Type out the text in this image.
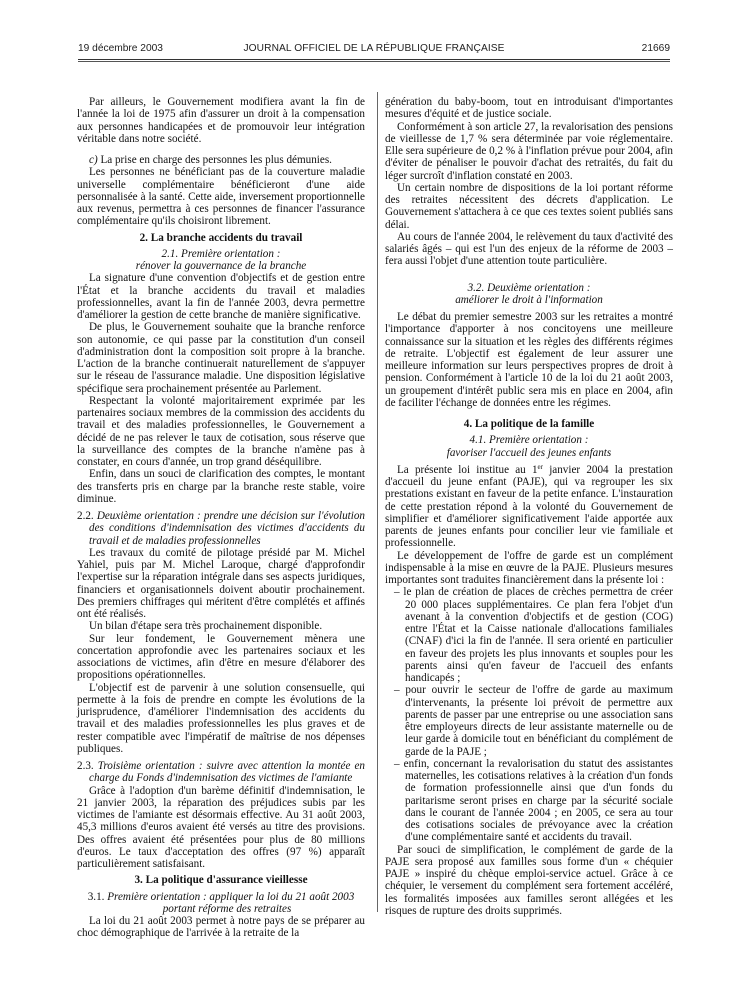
19 décembre 2003	JOURNAL OFFICIEL DE LA RÉPUBLIQUE FRANÇAISE	21669

Par ailleurs, le Gouvernement modifiera avant la fin de l'année la loi de 1975 afin d'assurer un droit à la compensation aux personnes handicapées et de promouvoir leur intégration véritable dans notre société.

c) La prise en charge des personnes les plus démunies.

Les personnes ne bénéficiant pas de la couverture maladie universelle complémentaire bénéficieront d'une aide personnalisée à la santé. Cette aide, inversement proportionnelle aux revenus, permettra à ces personnes de financer l'assurance complémentaire qu'ils choisiront librement.

2. La branche accidents du travail
2.1. Première orientation :
rénover la gouvernance de la branche

La signature d'une convention d'objectifs et de gestion entre l'État et la branche accidents du travail et maladies professionnelles, avant la fin de l'année 2003, devra permettre d'améliorer la gestion de cette branche de manière significative.

De plus, le Gouvernement souhaite que la branche renforce son autonomie, ce qui passe par la constitution d'un conseil d'administration dont la composition soit propre à la branche. L'action de la branche continuerait naturellement de s'appuyer sur le réseau de l'assurance maladie. Une disposition législative spécifique sera prochainement présentée au Parlement.

Respectant la volonté majoritairement exprimée par les partenaires sociaux membres de la commission des accidents du travail et des maladies professionnelles, le Gouvernement a décidé de ne pas relever le taux de cotisation, sous réserve que la surveillance des comptes de la branche n'amène pas à constater, en cours d'année, un trop grand déséquilibre.

Enfin, dans un souci de clarification des comptes, le montant des transferts pris en charge par la branche reste stable, voire diminue.

2.2. Deuxième orientation : prendre une décision sur l'évolution des conditions d'indemnisation des victimes d'accidents du travail et de maladies professionnelles

Les travaux du comité de pilotage présidé par M. Michel Yahiel, puis par M. Michel Laroque, chargé d'approfondir l'expertise sur la réparation intégrale dans ses aspects juridiques, financiers et organisationnels doivent aboutir prochainement. Des premiers chiffrages qui méritent d'être complétés et affinés ont été réalisés.

Un bilan d'étape sera très prochainement disponible.

Sur leur fondement, le Gouvernement mènera une concertation approfondie avec les partenaires sociaux et les associations de victimes, afin d'être en mesure d'élaborer des propositions opérationnelles.

L'objectif est de parvenir à une solution consensuelle, qui permette à la fois de prendre en compte les évolutions de la jurisprudence, d'améliorer l'indemnisation des accidents du travail et des maladies professionnelles les plus graves et de rester compatible avec l'impératif de maîtrise de nos dépenses publiques.

2.3. Troisième orientation : suivre avec attention la montée en charge du Fonds d'indemnisation des victimes de l'amiante

Grâce à l'adoption d'un barème définitif d'indemnisation, le 21 janvier 2003, la réparation des préjudices subis par les victimes de l'amiante est désormais effective. Au 31 août 2003, 45,3 millions d'euros avaient été versés au titre des provisions. Des offres avaient été présentées pour plus de 80 millions d'euros. Le taux d'acceptation des offres (97 %) apparaît particulièrement satisfaisant.

3. La politique d'assurance vieillesse

3.1. Première orientation : appliquer la loi du 21 août 2003 portant réforme des retraites

La loi du 21 août 2003 permet à notre pays de se préparer au choc démographique de l'arrivée à la retraite de la

génération du baby-boom, tout en introduisant d'importantes mesures d'équité et de justice sociale.

Conformément à son article 27, la revalorisation des pensions de vieillesse de 1,7 % sera déterminée par voie réglementaire. Elle sera supérieure de 0,2 % à l'inflation prévue pour 2004, afin d'éviter de pénaliser le pouvoir d'achat des retraités, du fait du léger surcroît d'inflation constaté en 2003.

Un certain nombre de dispositions de la loi portant réforme des retraites nécessitent des décrets d'application. Le Gouvernement s'attachera à ce que ces textes soient publiés sans délai.

Au cours de l'année 2004, le relèvement du taux d'activité des salariés âgés – qui est l'un des enjeux de la réforme de 2003 – fera aussi l'objet d'une attention toute particulière.

3.2. Deuxième orientation :
améliorer le droit à l'information

Le débat du premier semestre 2003 sur les retraites a montré l'importance d'apporter à nos concitoyens une meilleure connaissance sur la situation et les règles des différents régimes de retraite. L'objectif est également de leur assurer une meilleure information sur leurs perspectives propres de droit à pension. Conformément à l'article 10 de la loi du 21 août 2003, un groupement d'intérêt public sera mis en place en 2004, afin de faciliter l'échange de données entre les régimes.

4. La politique de la famille
4.1. Première orientation :
favoriser l'accueil des jeunes enfants

La présente loi institue au 1er janvier 2004 la prestation d'accueil du jeune enfant (PAJE), qui va regrouper les six prestations existant en faveur de la petite enfance. L'instauration de cette prestation répond à la volonté du Gouvernement de simplifier et d'améliorer significativement l'aide apportée aux parents de jeunes enfants pour concilier leur vie familiale et professionnelle.

Le développement de l'offre de garde est un complément indispensable à la mise en œuvre de la PAJE. Plusieurs mesures importantes sont traduites financièrement dans la présente loi :

– le plan de création de places de crèches permettra de créer 20 000 places supplémentaires. Ce plan fera l'objet d'un avenant à la convention d'objectifs et de gestion (COG) entre l'État et la Caisse nationale d'allocations familiales (CNAF) d'ici la fin de l'année. Il sera orienté en particulier en faveur des projets les plus innovants et souples pour les parents ainsi qu'en faveur de l'accueil des enfants handicapés ;
– pour ouvrir le secteur de l'offre de garde au maximum d'intervenants, la présente loi prévoit de permettre aux parents de passer par une entreprise ou une association sans être employeurs directs de leur assistante maternelle ou de leur garde à domicile tout en bénéficiant du complément de garde de la PAJE ;
– enfin, concernant la revalorisation du statut des assistantes maternelles, les cotisations relatives à la création d'un fonds de formation professionnelle ainsi que d'un fonds du paritarisme seront prises en charge par la sécurité sociale dans le courant de l'année 2004 ; en 2005, ce sera au tour des cotisations sociales de prévoyance avec la création d'une complémentaire santé et accidents du travail.

Par souci de simplification, le complément de garde de la PAJE sera proposé aux familles sous forme d'un « chéquier PAJE » inspiré du chèque emploi-service actuel. Grâce à ce chéquier, le versement du complément sera fortement accéléré, les formalités imposées aux familles seront allégées et les risques de rupture des droits supprimés.
